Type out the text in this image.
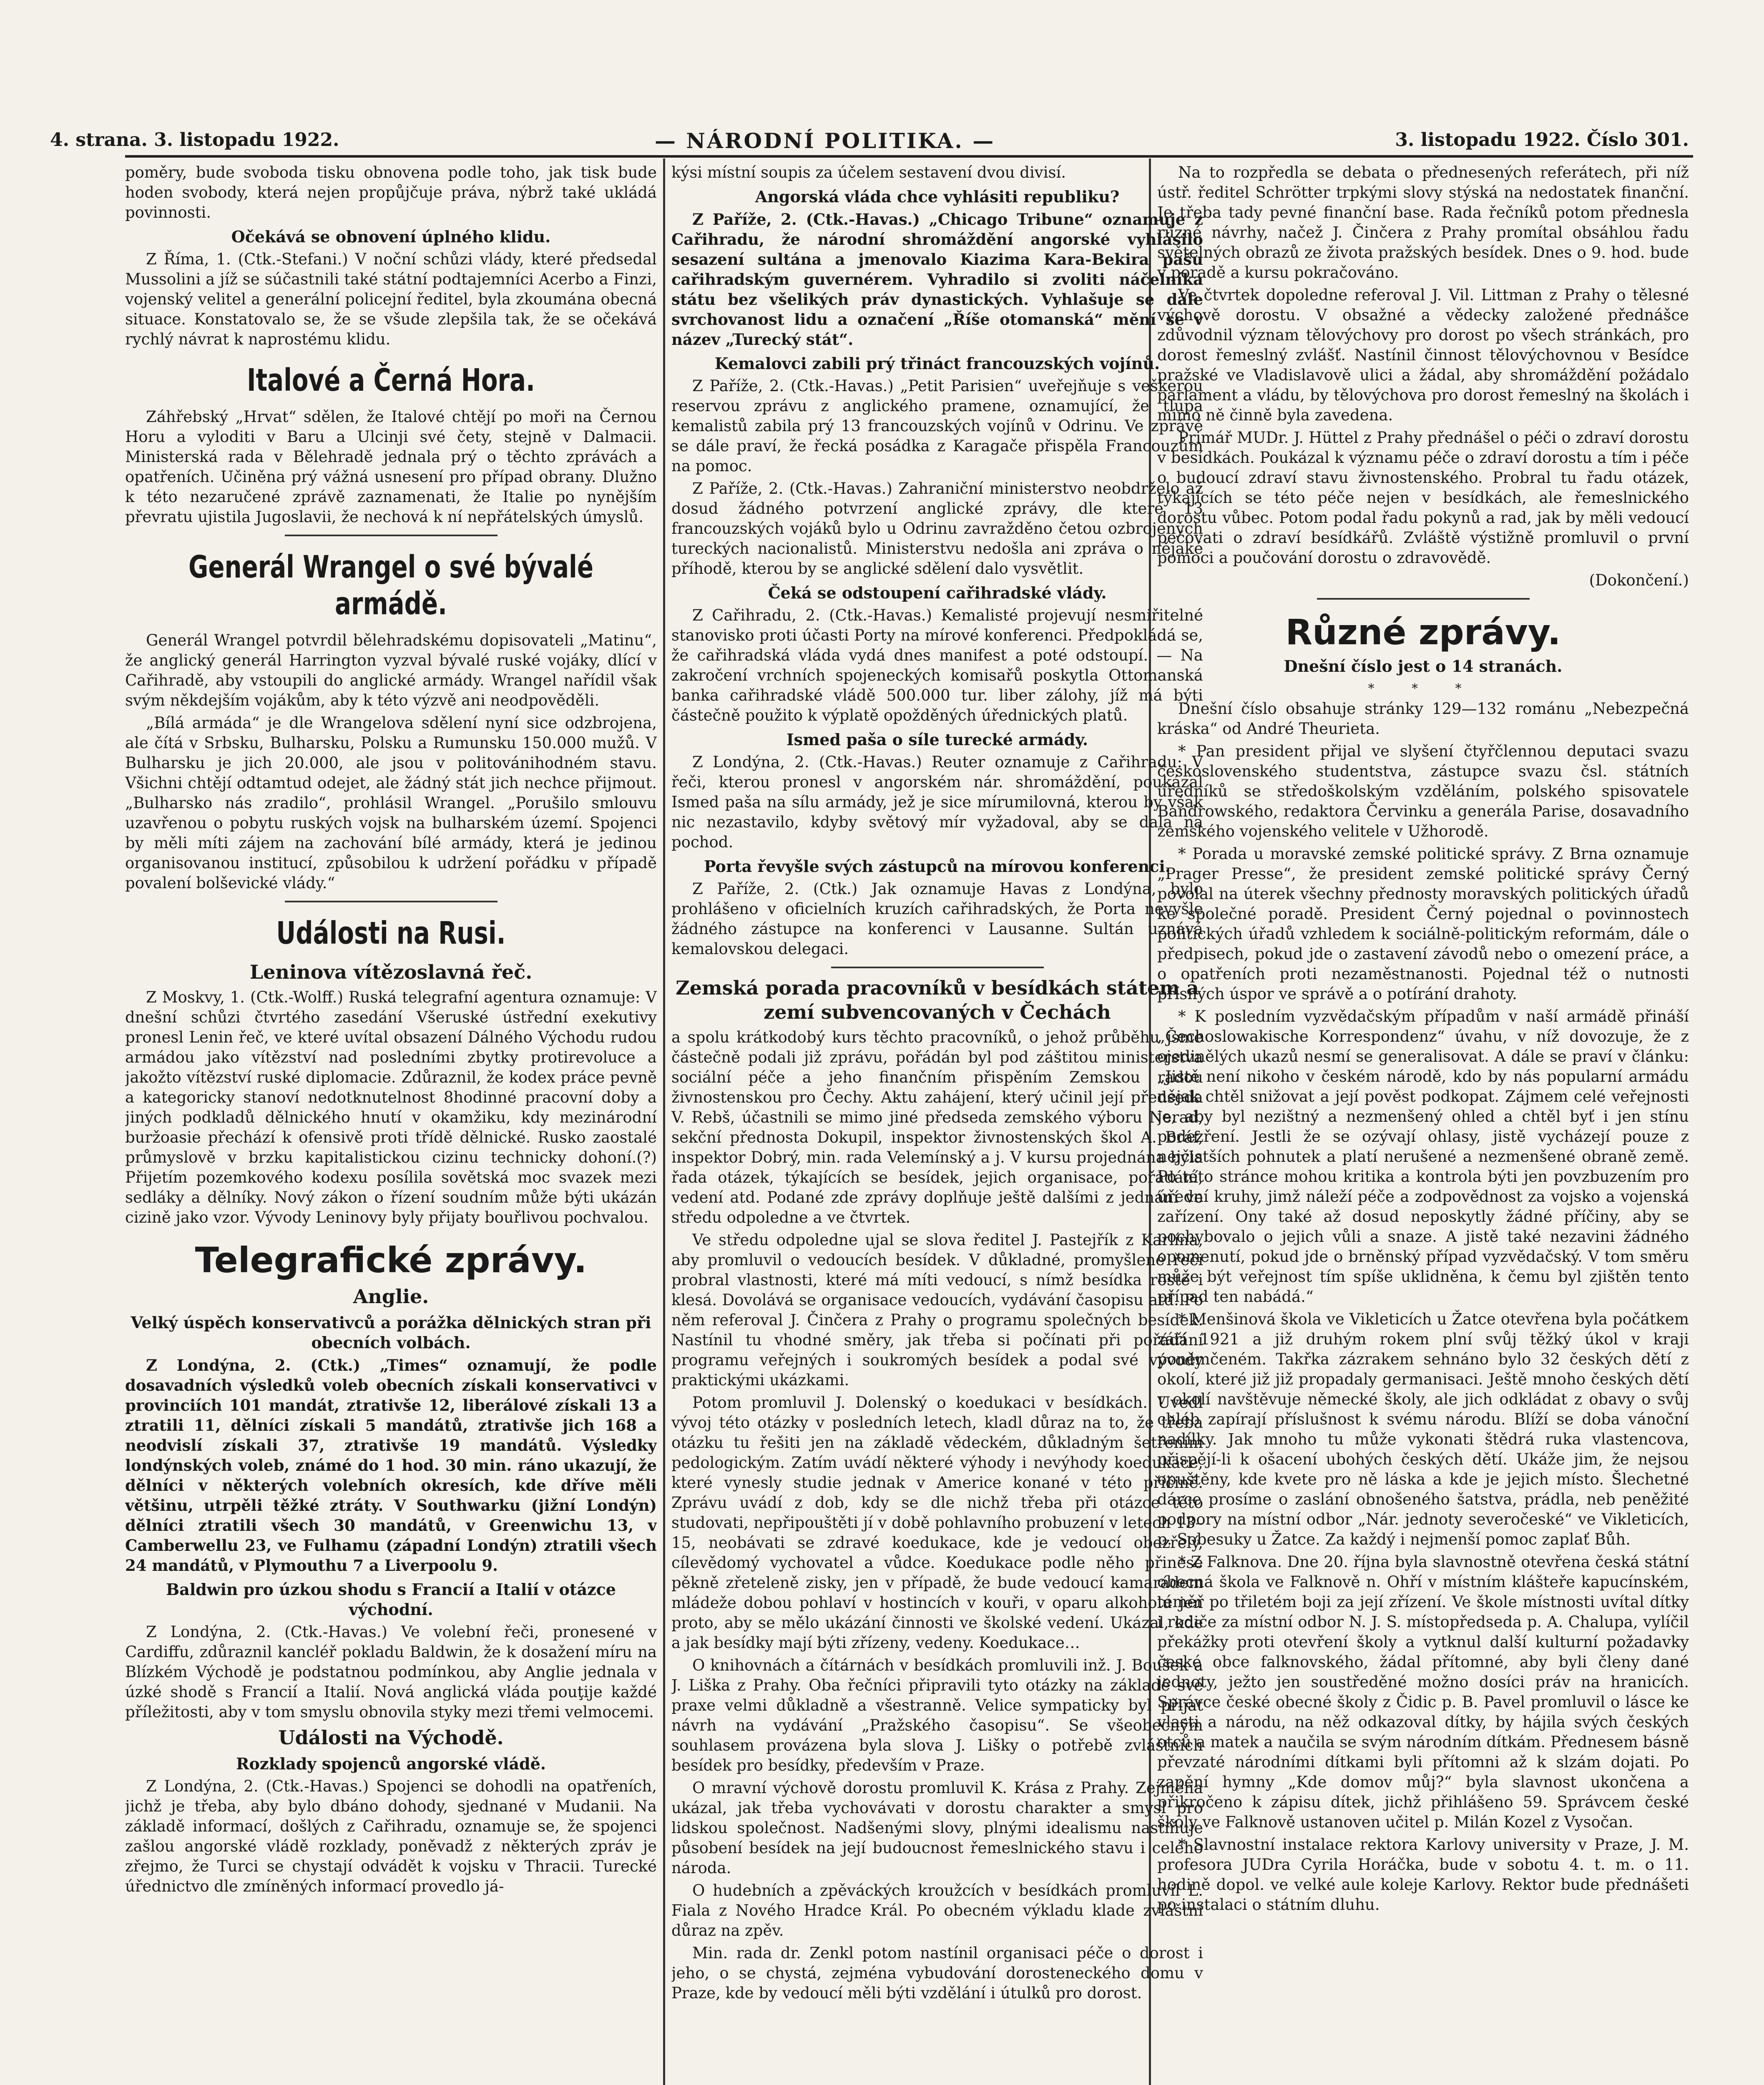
4. strana. 3. listopadu 1922.	— NÁRODNÍ POLITIKA. —	3. listopadu 1922. Číslo 301.

poměry, bude svoboda tisku obnovena podle toho, jak tisk bude hoden svobody, která nejen propůjčuje práva, nýbrž také ukládá povinnosti.

Očekává se obnovení úplného klidu.

Z Říma, 1. (Ctk.-Stefani.) V noční schůzi vlády, které předsedal Mussolini a jíž se súčastnili také státní podtajemníci Acerbo a Finzi, vojenský velitel a generální policejní ředitel, byla zkoumána obecná situace. Konstatovalo se, že se všude zlepšila tak, že se očekává rychlý návrat k naprostému klidu.

Italové a Černá Hora.

Záhřebský „Hrvat“ sdělen, že Italové chtějí po moři na Černou Horu a vyloditi v Baru a Ulcinji své čety, stejně v Dalmacii. Ministerská rada v Bělehradě jednala prý o těchto zprávách a opatřeních. Učiněna prý vážná usnesení pro případ obrany. Dlužno k této nezaručené zprávě zaznamenati, že Italie po nynějším převratu ujistila Jugoslavii, že nechová k ní nepřátelských úmyslů.

Generál Wrangel o své bývalé armádě.

Generál Wrangel potvrdil bělehradskému dopisovateli „Matinu“, že anglický generál Harrington vyzval bývalé ruské vojáky, dlící v Cařihradě, aby vstoupili do anglické armády. Wrangel nařídil však svým někdejším vojákům, aby k této výzvě ani neodpověděli.

„Bílá armáda“ je dle Wrangelova sdělení nyní sice odzbrojena, ale čítá v Srbsku, Bulharsku, Polsku a Rumunsku 150.000 mužů. V Bulharsku je jich 20.000, ale jsou v politovánihodném stavu. Všichni chtějí odtamtud odejet, ale žádný stát jich nechce přijmout. „Bulharsko nás zradilo“, prohlásil Wrangel. „Porušilo smlouvu uzavřenou o pobytu ruských vojsk na bulharském území. Spojenci by měli míti zájem na zachování bílé armády, která je jedinou organisovanou institucí, způsobilou k udržení pořádku v případě povalení bolševické vlády.“

Události na Rusi.
Leninova vítězoslavná řeč.

Z Moskvy, 1. (Ctk.-Wolff.) Ruská telegrafní agentura oznamuje: V dnešní schůzi čtvrtého zasedání Všeruské ústřední exekutivy pronesl Lenin řeč, ve které uvítal obsazení Dálného Východu rudou armádou jako vítězství nad posledními zbytky protirevoluce a jakožto vítězství ruské diplomacie. Zdůraznil, že kodex práce pevně a kategoricky stanoví nedotknutelnost 8hodinné pracovní doby a jiných podkladů dělnického hnutí v okamžiku, kdy mezinárodní buržoasie přechází k ofensivě proti třídě dělnické. Rusko zaostalé průmyslově v brzku kapitalistickou cizinu technicky dohoní.(?) Přijetím pozemkového kodexu posílila sovětská moc svazek mezi sedláky a dělníky. Nový zákon o řízení soudním může býti ukázán cizině jako vzor. Vývody Leninovy byly přijaty bouřlivou pochvalou.

Telegrafické zprávy.
Anglie.
Velký úspěch konservativců a porážka dělnických stran při obecních volbách.

Z Londýna, 2. (Ctk.) „Times“ oznamují, že podle dosavadních výsledků voleb obecních získali konservativci v provinciích 101 mandát, ztrativše 12, liberálové získali 13 a ztratili 11, dělníci získali 5 mandátů, ztrativše jich 168 a neodvislí získali 37, ztrativše 19 mandátů. Výsledky londýnských voleb, známé do 1 hod. 30 min. ráno ukazují, že dělníci v některých volebních okresích, kde dříve měli většinu, utrpěli těžké ztráty. V Southwarku (jižní Londýn) dělníci ztratili všech 30 mandátů, v Greenwichu 13, v Camberwellu 23, ve Fulhamu (západní Londýn) ztratili všech 24 mandátů, v Plymouthu 7 a Liverpoolu 9.

Baldwin pro úzkou shodu s Francií a Italií v otázce východní.

Z Londýna, 2. (Ctk.-Havas.) Ve volební řeči, pronesené v Cardiffu, zdůraznil kancléř pokladu Baldwin, že k dosažení míru na Blízkém Východě je podstatnou podmínkou, aby Anglie jednala v úzké shodě s Francií a Italií. Nová anglická vláda pouţije každé příležitosti, aby v tom smyslu obnovila styky mezi třemi velmocemi.

Události na Východě.
Rozklady spojenců angorské vládě.

Z Londýna, 2. (Ctk.-Havas.) Spojenci se dohodli na opatřeních, jichž je třeba, aby bylo dbáno dohody, sjednané v Mudanii. Na základě informací, došlých z Cařihradu, oznamuje se, že spojenci zašlou angorské vládě rozklady, poněvadž z některých zpráv je zřejmo, že Turci se chystají odvádět k vojsku v Thracii. Turecké úřednictvo dle zmíněných informací provedlo já-

kýsi místní soupis za účelem sestavení dvou divisí.

Angorská vláda chce vyhlásiti republiku?

Z Paříže, 2. (Ctk.-Havas.) „Chicago Tribune“ oznamuje z Cařihradu, že národní shromáždění angorské vyhlásilo sesazení sultána a jmenovalo Kiazima Kara-Bekira pašu cařihradským guvernérem. Vyhradilo si zvoliti náčelníka státu bez všelikých práv dynastických. Vyhlašuje se dále svrchovanost lidu a označení „Říše otomanská“ mění se v název „Turecký stát“.

Kemalovci zabili prý třináct francouzských vojínů.

Z Paříže, 2. (Ctk.-Havas.) „Petit Parisien“ uveřejňuje s veškerou reservou zprávu z anglického pramene, oznamující, že tlupa kemalistů zabila prý 13 francouzských vojínů v Odrinu. Ve zprávě se dále praví, že řecká posádka z Karagače přispěla Francouzům na pomoc.

Z Paříže, 2. (Ctk.-Havas.) Zahraniční ministerstvo neobdrželo až dosud žádného potvrzení anglické zprávy, dle které 13 francouzských vojáků bylo u Odrinu zavražděno četou ozbrojených tureckých nacionalistů. Ministerstvu nedošla ani zpráva o nějaké příhodě, kterou by se anglické sdělení dalo vysvětlit.

Čeká se odstoupení cařihradské vlády.

Z Cařihradu, 2. (Ctk.-Havas.) Kemalisté projevují nesmiřitelné stanovisko proti účasti Porty na mírové konferenci. Předpokládá se, že cařihradská vláda vydá dnes manifest a poté odstoupí. — Na zakročení vrchních spojeneckých komisařů poskytla Ottomanská banka cařihradské vládě 500.000 tur. liber zálohy, jíž má býti částečně použito k výplatě opožděných úřednických platů.

Ismed paša o síle turecké armády.

Z Londýna, 2. (Ctk.-Havas.) Reuter oznamuje z Cařihradu: V řeči, kterou pronesl v angorském nár. shromáždění, poukázal Ismed paša na sílu armády, jež je sice mírumilovná, kterou by však nic nezastavilo, kdyby světový mír vyžadoval, aby se dala na pochod.

Porta řevyšle svých zástupců na mírovou konferenci.

Z Paříže, 2. (Ctk.) Jak oznamuje Havas z Londýna, bylo prohlášeno v oficielních kruzích cařihradských, že Porta nevyšle žádného zástupce na konferenci v Lausanne. Sultán uznává kemalovskou delegaci.

Zemská porada pracovníků v besídkách státem a zemí subvencovaných v Čechách

a spolu krátkodobý kurs těchto pracovníků, o jehož průběhu jsme částečně podali již zprávu, pořádán byl pod záštitou ministerstva sociální péče a jeho finančním přispěním Zemskou radou živnostenskou pro Čechy. Aktu zahájení, který učinil její předseda V. Rebš, účastnili se mimo jiné předseda zemského výboru Nerad, sekční přednosta Dokupil, inspektor živnostenských škol A. Bráf, inspektor Dobrý, min. rada Velemínský a j. V kursu projednána byla řada otázek, týkajících se besídek, jejich organisace, pořádání, vedení atd. Podané zde zprávy doplňuje ještě dalšími z jednání ve středu odpoledne a ve čtvrtek.

Ve středu odpoledne ujal se slova ředitel J. Pastejřík z Karlína, aby promluvil o vedoucích besídek. V důkladné, promyšlené řeči probral vlastnosti, které má míti vedoucí, s nímž besídka roste i klesá. Dovolává se organisace vedoucích, vydávání časopisu atd. Po něm referoval J. Činčera z Prahy o programu společných besídek. Nastínil tu vhodné směry, jak třeba si počínati při pořádání programu veřejných i soukromých besídek a podal své vývody praktickými ukázkami.

Potom promluvil J. Dolenský o koedukaci v besídkách. Uvedl vývoj této otázky v posledních letech, kladl důraz na to, že třeba otázku tu řešiti jen na základě vědeckém, důkladným šetřením pedologickým. Zatím uvádí některé výhody i nevýhody koedukace, které vynesly studie jednak v Americe konané v této příčině. Zprávu uvádí z dob, kdy se dle nichž třeba při otázce této studovati, nepřipouštěti jí v době pohlavního probuzení v letech 13–15, neobávati se zdravé koedukace, kde je vedoucí obezřelý, cílevědomý vychovatel a vůdce. Koedukace podle něho přinese pěkně zřeteleně zisky, jen v případě, že bude vedoucí kamarádem mládeže dobou pohlaví v hostincích v kouři, v oparu alkoholu jen proto, aby se mělo ukázání činnosti ve školské vedení. Ukázal, kde a jak besídky mají býti zřízeny, vedeny. Koedukace…

O knihovnách a čítárnách v besídkách promluvili inž. J. Boušek a J. Liška z Prahy. Oba řečníci připravili tyto otázky na základě své praxe velmi důkladně a všestranně. Velice sympaticky byl přijat návrh na vydávání „Pražského časopisu“. Se všeobecným souhlasem provázena byla slova J. Lišky o potřebě zvláštních besídek pro besídky, především v Praze.

O mravní výchově dorostu promluvil K. Krása z Prahy. Zejména ukázal, jak třeba vychovávati v dorostu charakter a smysl pro lidskou společnost. Nadšenými slovy, plnými idealismu nastiňuje působení besídek na její budoucnost řemeslnického stavu i celého národa.

O hudebních a zpěváckých kroužcích v besídkách promluvil L. Fiala z Nového Hradce Král. Po obecném výkladu klade zvláštní důraz na zpěv.

Min. rada dr. Zenkl potom nastínil organisaci péče o dorost i jeho, o se chystá, zejména vybudování dorosteneckého domu v Praze, kde by vedoucí měli býti vzdělání i útulků pro dorost.

Na to rozpředla se debata o přednesených referátech, při níž ústř. ředitel Schrötter trpkými slovy stýská na nedostatek finanční. Je třeba tady pevné finanční base. Rada řečníků potom přednesla různé návrhy, načež J. Činčera z Prahy promítal obsáhlou řadu světelných obrazů ze života pražských besídek. Dnes o 9. hod. bude v poradě a kursu pokračováno.

Ve čtvrtek dopoledne referoval J. Vil. Littman z Prahy o tělesné výchově dorostu. V obsažné a vědecky založené přednášce zdůvodnil význam tělovýchovy pro dorost po všech stránkách, pro dorost řemeslný zvlášť. Nastínil činnost tělovýchovnou v Besídce pražské ve Vladislavově ulici a žádal, aby shromáždění požádalo parlament a vládu, by tělovýchova pro dorost řemeslný na školách i mimo ně činně byla zavedena.

Primář MUDr. J. Hüttel z Prahy přednášel o péči o zdraví dorostu v besídkách. Poukázal k významu péče o zdraví dorostu a tím i péče o budoucí zdraví stavu živnostenského. Probral tu řadu otázek, týkajících se této péče nejen v besídkách, ale řemeslnického dorostu vůbec. Potom podal řadu pokynů a rad, jak by měli vedoucí pečovati o zdraví besídkářů. Zvláště výstižně promluvil o první pomoci a poučování dorostu o zdravovědě.

(Dokončení.)
Různé zprávy.
Dnešní číslo jest o 14 stranách.
* * *

Dnešní číslo obsahuje stránky 129—132 románu „Nebezpečná kráska“ od André Theurieta.

* Pan president přijal ve slyšení čtyřčlennou deputaci svazu československého studentstva, zástupce svazu čsl. státních úředníků se středoškolským vzděláním, polského spisovatele Bandrowského, redaktora Červinku a generála Parise, dosavadního zemského vojenského velitele v Užhorodě.

* Porada u moravské zemské politické správy. Z Brna oznamuje „Prager Presse“, že president zemské politické správy Černý povolal na úterek všechny přednosty moravských politických úřadů ke společné poradě. President Černý pojednal o povinnostech politických úřadů vzhledem k sociálně-politickým reformám, dále o předpisech, pokud jde o zastavení závodů nebo o omezení práce, a o opatřeních proti nezaměstnanosti. Pojednal též o nutnosti přísných úspor ve správě a o potírání drahoty.

* K posledním vyzvědačským případům v naší armádě přináší „Čechoslowakische Korrespondenz“ úvahu, v níž dovozuje, že z ojedinělých ukazů nesmí se generalisovat. A dále se praví v článku: „Jistě není nikoho v českém národě, kdo by nás popularní armádu nějak chtěl snižovat a její pověst podkopat. Zájmem celé veřejnosti je, aby byl nezištný a nezmenšený ohled a chtěl byť i jen stínu podezření. Jestli že se ozývají ohlasy, jistě vycházejí pouze z nejčistších pohnutek a platí nerušené a nezmenšené obraně země. Po této stránce mohou kritika a kontrola býti jen povzbuzením pro úřední kruhy, jimž náleží péče a zodpovědnost za vojsko a vojenská zařízení. Ony také až dosud neposkytly žádné příčiny, aby se pochybovalo o jejich vůli a snaze. A jistě také nezavini žádného opomenutí, pokud jde o brněnský případ vyzvědačský. V tom směru může být veřejnost tím spíše uklidněna, k čemu byl zjištěn tento případ ten nabádá.“

* Menšinová škola ve Vikleticích u Žatce otevřena byla počátkem září 1921 a již druhým rokem plní svůj těžký úkol v kraji poněmčeném. Takřka zázrakem sehnáno bylo 32 českých dětí z okolí, které již již propadaly germanisaci. Ještě mnoho českých dětí v okolí navštěvuje německé školy, ale jich odkládat z obavy o svůj chléb zapírají příslušnost k svému národu. Blíží se doba vánoční nadílky. Jak mnoho tu může vykonati štědrá ruka vlastencova, přispějí-li k ošacení ubohých českých dětí. Ukáže jim, že nejsou opuštěny, kde kvete pro ně láska a kde je jejich místo. Šlechetné dárce prosíme o zaslání obnošeného šatstva, prádla, neb peněžité podpory na místní odbor „Nár. jednoty severočeské“ ve Vikleticích, p. Sobesuky u Žatce. Za každý i nejmenší pomoc zaplať Bůh.

* Z Falknova. Dne 20. října byla slavnostně otevřena česká státní obecná škola ve Falknově n. Ohří v místním klášteře kapucínském, téměř po třiletém boji za její zřízení. Ve škole místnosti uvítal dítky i rodiče za místní odbor N. J. S. místopředseda p. A. Chalupa, vylíčil překážky proti otevření školy a vytknul další kulturní požadavky české obce falknovského, žádal přítomné, aby byli členy dané jednoty, ježto jen soustředěné možno dosíci práv na hranicích. Správce české obecné školy z Čidic p. B. Pavel promluvil o lásce ke vlasti a národu, na něž odkazoval dítky, by hájila svých českých otců a matek a naučila se svým národním dítkám. Přednesem básně převzaté národními dítkami byli přítomni až k slzám dojati. Po zapění hymny „Kde domov můj?“ byla slavnost ukončena a přikročeno k zápisu dítek, jichž přihlášeno 59. Správcem české školy ve Falknově ustanoven učitel p. Milán Kozel z Vysočan.

* Slavnostní instalace rektora Karlovy university v Praze, J. M. profesora JUDra Cyrila Horáčka, bude v sobotu 4. t. m. o 11. hodině dopol. ve velké aule koleje Karlovy. Rektor bude přednášeti po instalaci o státním dluhu.
